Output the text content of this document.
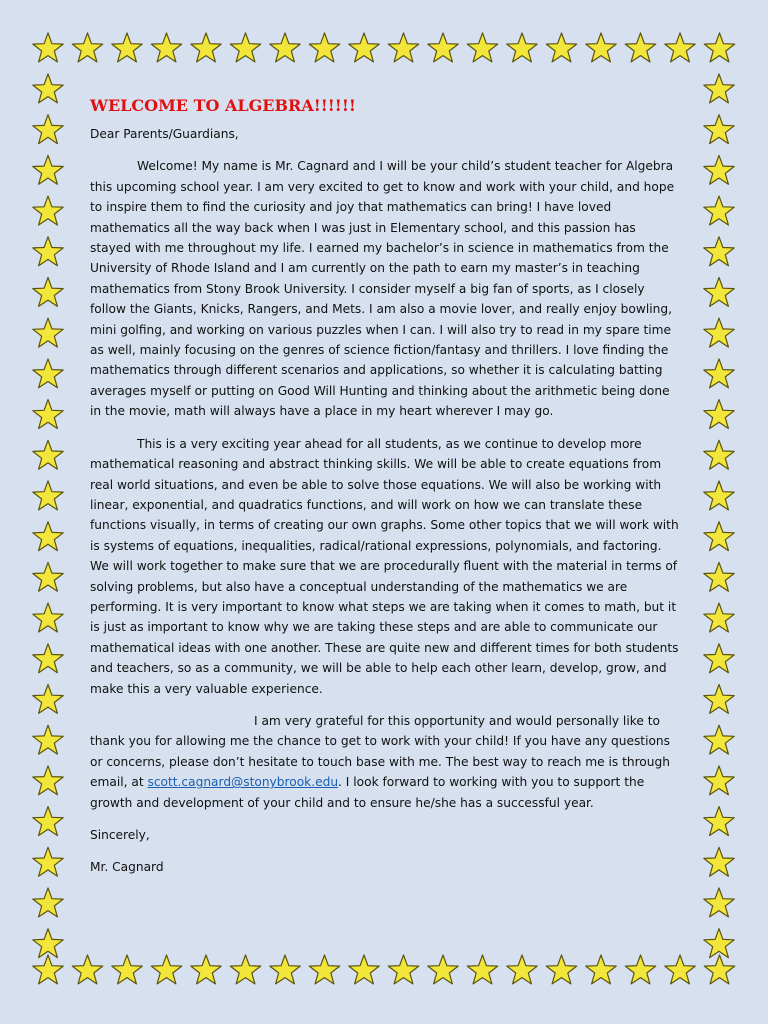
WELCOME TO ALGEBRA!!!!!!
Dear Parents/Guardians,
Welcome! My name is Mr. Cagnard and I will be your child’s student teacher for Algebra this upcoming school year. I am very excited to get to know and work with your child, and hope to inspire them to find the curiosity and joy that mathematics can bring! I have loved mathematics all the way back when I was just in Elementary school, and this passion has stayed with me throughout my life. I earned my bachelor’s in science in mathematics from the University of Rhode Island and I am currently on the path to earn my master’s in teaching mathematics from Stony Brook University. I consider myself a big fan of sports, as I closely follow the Giants, Knicks, Rangers, and Mets. I am also a movie lover, and really enjoy bowling, mini golfing, and working on various puzzles when I can. I will also try to read in my spare time as well, mainly focusing on the genres of science fiction/fantasy and thrillers. I love finding the mathematics through different scenarios and applications, so whether it is calculating batting averages myself or putting on Good Will Hunting and thinking about the arithmetic being done in the movie, math will always have a place in my heart wherever I may go.
This is a very exciting year ahead for all students, as we continue to develop more mathematical reasoning and abstract thinking skills. We will be able to create equations from real world situations, and even be able to solve those equations. We will also be working with linear, exponential, and quadratics functions, and will work on how we can translate these functions visually, in terms of creating our own graphs. Some other topics that we will work with is systems of equations, inequalities, radical/rational expressions, polynomials, and factoring. We will work together to make sure that we are procedurally fluent with the material in terms of solving problems, but also have a conceptual understanding of the mathematics we are performing. It is very important to know what steps we are taking when it comes to math, but it is just as important to know why we are taking these steps and are able to communicate our mathematical ideas with one another. These are quite new and different times for both students and teachers, so as a community, we will be able to help each other learn, develop, grow, and make this a very valuable experience.
I am very grateful for this opportunity and would personally like to thank you for allowing me the chance to get to work with your child! If you have any questions or concerns, please don’t hesitate to touch base with me. The best way to reach me is through email, at scott.cagnard@stonybrook.edu. I look forward to working with you to support the growth and development of your child and to ensure he/she has a successful year.
Sincerely,
Mr. Cagnard
